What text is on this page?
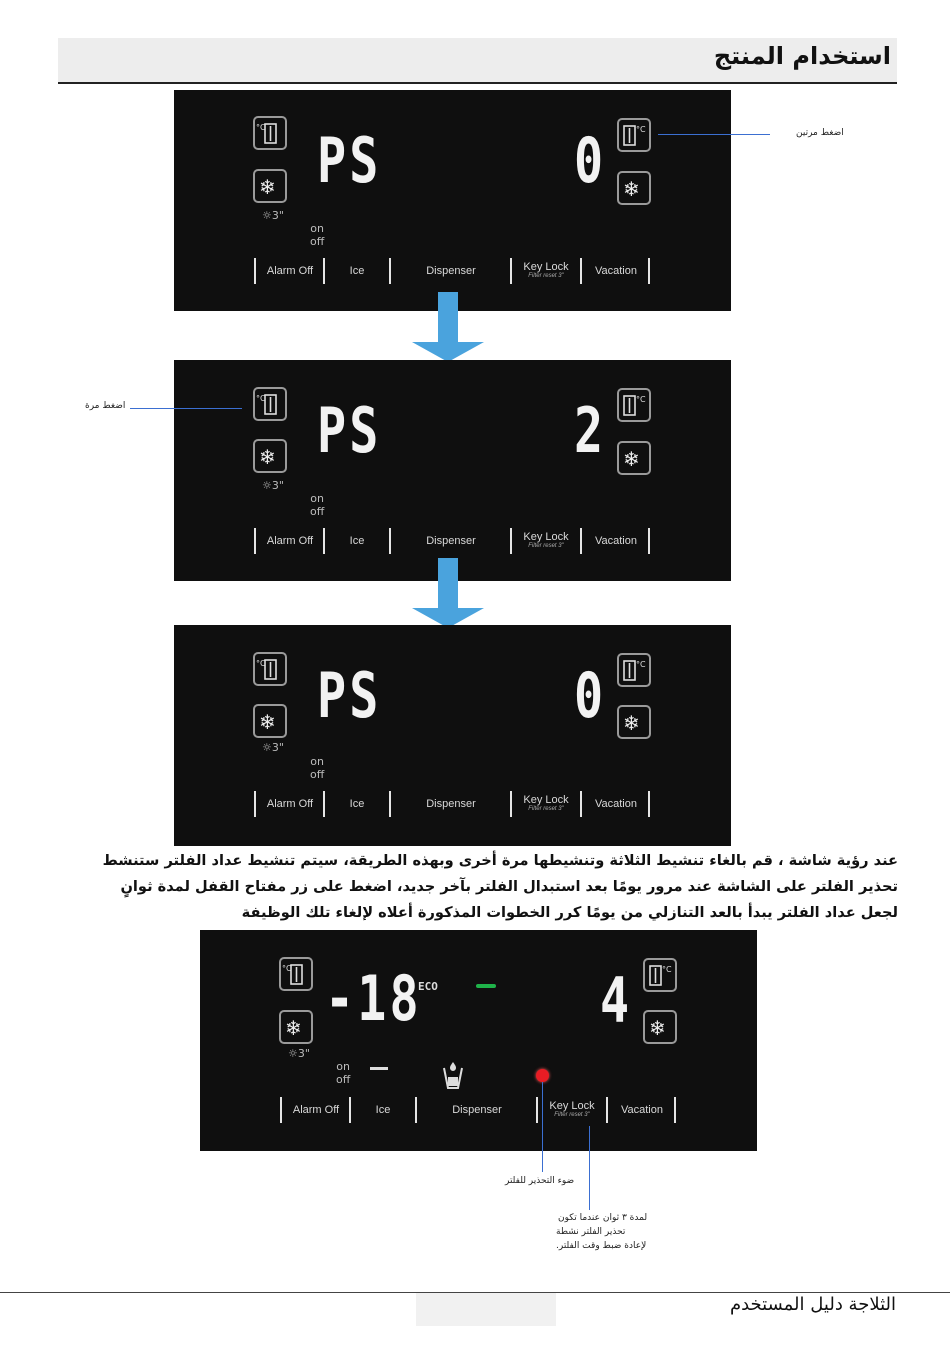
استخدام المنتج
°C
❄
☼3"
PS	0	°C
❄
on
off
Alarm Off	Ice	Dispenser	Key Lock
Filter reset 3"	Vacation
اضغط مرتين
°C
❄
☼3"
PS	2	°C
❄
on
off
Alarm Off	Ice	Dispenser	Key Lock
Filter reset 3"	Vacation
اضغط مرة
°C
❄
☼3"
PS	0	°C
❄
on
off
Alarm Off	Ice	Dispenser	Key Lock
Filter reset 3"	Vacation
عند رؤية شاشة ، قم بالغاء تنشيط الثلاثة وتنشيطها مرة أخرى وبهذه الطريقة، سيتم تنشيط عداد الفلتر ستنشط
تحذير الفلتر على الشاشة عند مرور يومًا بعد استبدال الفلتر بآخر جديد، اضغط على زر مفتاح القفل لمدة ثوانٍ
لجعل عداد الفلتر يبدأ بالعد التنازلي من يومًا كرر الخطوات المذكورة أعلاه لإلغاء تلك الوظيفة
°C
❄
☼3"
-18
ECO	4	°C
❄
on
off
Alarm Off	Ice	Dispenser	Key Lock
Filter reset 3"	Vacation
ضوء التحذير للفلتر
لمدة ٣ ثوان عندما تكون
تحذير الفلتر نشطة
لإعادة ضبط وقت الفلتر.
الثلاجة دليل المستخدم
